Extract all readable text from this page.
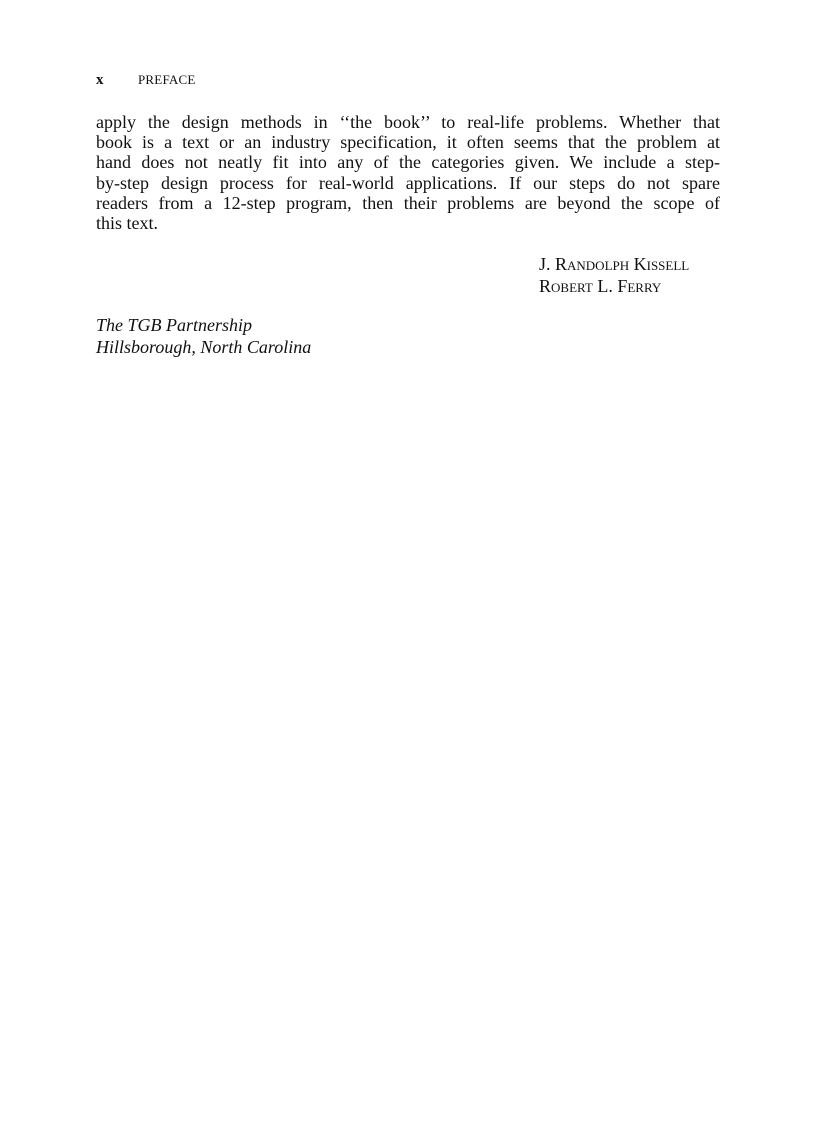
x	PREFACE
apply the design methods in ‘‘the book’’ to real-life problems. Whether that
book is a text or an industry specification, it often seems that the problem at
hand does not neatly fit into any of the categories given. We include a step-
by-step design process for real-world applications. If our steps do not spare
readers from a 12-step program, then their problems are beyond the scope of
this text.
J. Randolph Kissell
Robert L. Ferry
The TGB Partnership
Hillsborough, North Carolina
